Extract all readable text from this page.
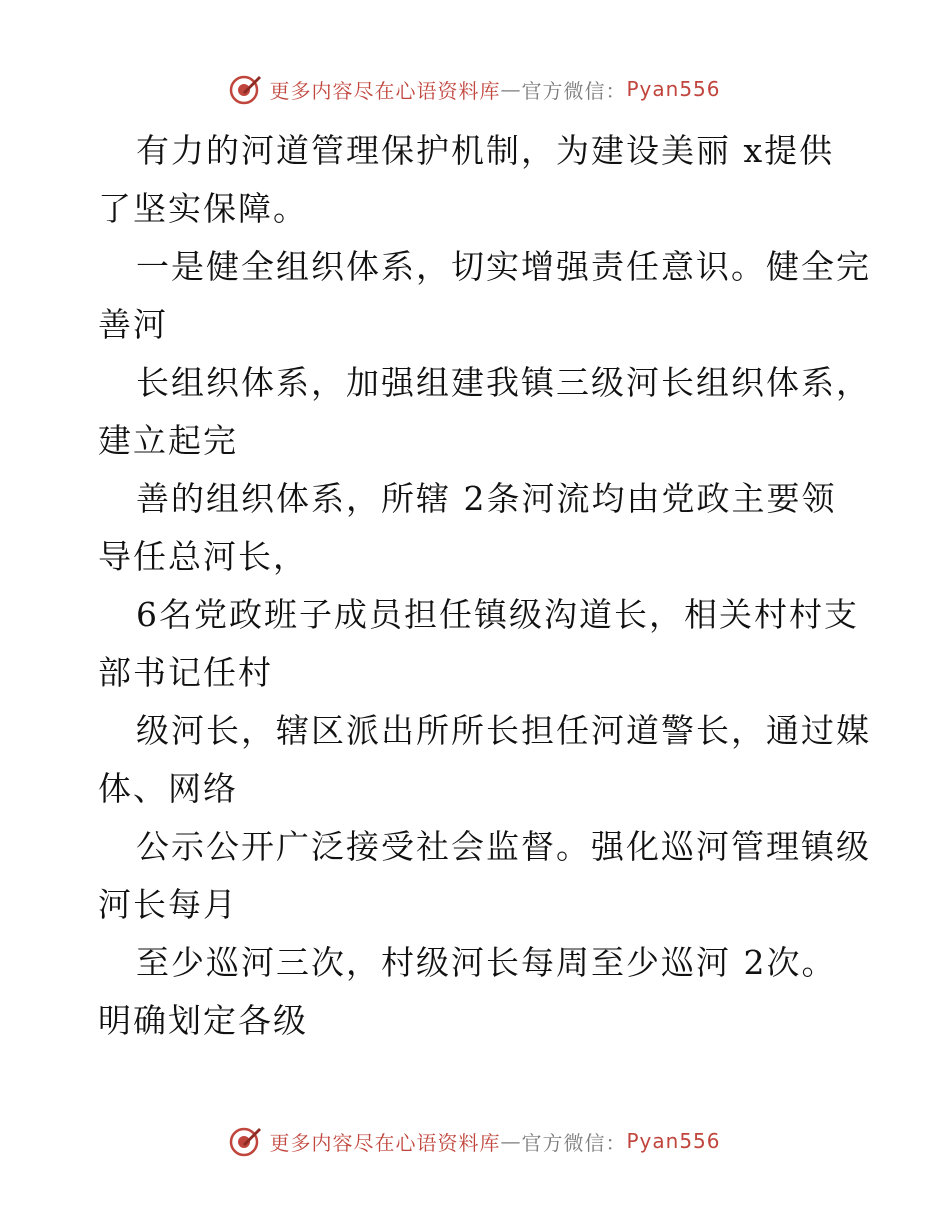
更多内容尽在心语资料库 — 官方微信： Pyan556

有力的河道管理保护机制，为建设美丽 x提供

了坚实保障。

一是健全组织体系，切实增强责任意识。健全完

善河

长组织体系，加强组建我镇三级河长组织体系，

建立起完

善的组织体系，所辖 2条河流均由党政主要领

导任总河长，

6名党政班子成员担任镇级沟道长，相关村村支

部书记任村

级河长，辖区派出所所长担任河道警长，通过媒

体、网络

公示公开广泛接受社会监督。强化巡河管理镇级

河长每月

至少巡河三次，村级河长每周至少巡河 2次。

明确划定各级

更多内容尽在心语资料库 — 官方微信： Pyan556
